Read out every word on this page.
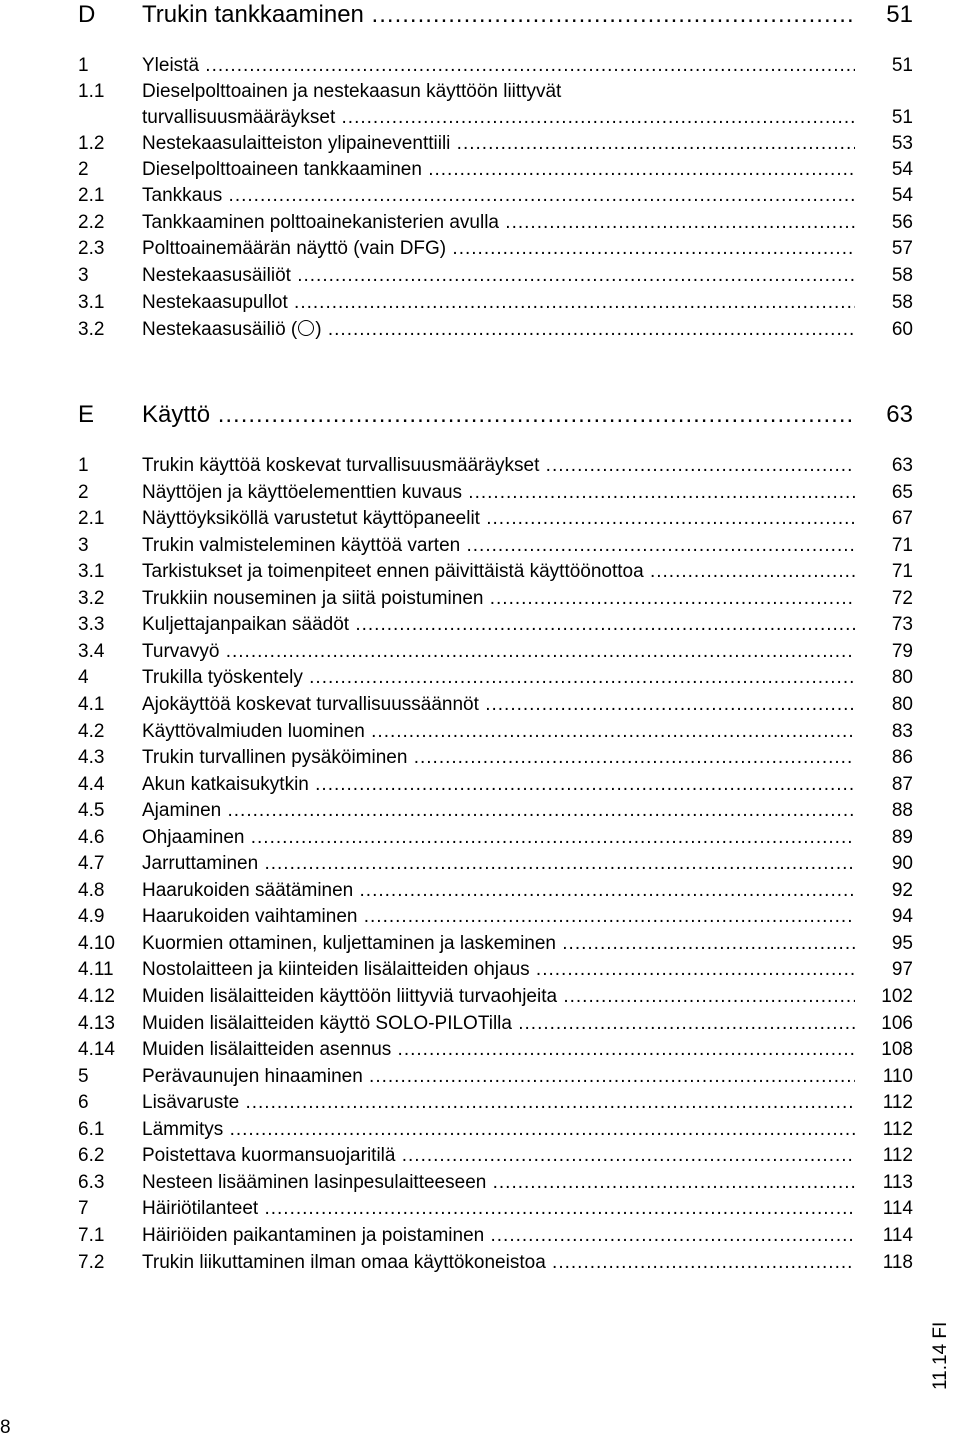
D Trukin tankkaaminen .....	51
1	Yleistä .....	51
1.1 Dieselpolttoainen ja nestekaasun käyttöön liittyvät
turvallisuusmääräykset .....	51
1.2 Nestekaasulaitteiston ylipaineventtiili .....	53
2	Dieselpolttoaineen tankkaaminen .....	54
2.1 Tankkaus .....	54
2.2 Tankkaaminen polttoainekanisterien avulla .....	56
2.3 Polttoainemäärän näyttö (vain DFG) .....	57
3	Nestekaasusäiliöt .....	58
3.1 Nestekaasupullot .....	58
3.2 Nestekaasusäiliö ( ) .....	60
E Käyttö .....	63
1	Trukin käyttöä koskevat turvallisuusmääräykset .....	63
2	Näyttöjen ja käyttöelementtien kuvaus .....	65
2.1 Näyttöyksiköllä varustetut käyttöpaneelit .....	67
3	Trukin valmisteleminen käyttöä varten .....	71
3.1 Tarkistukset ja toimenpiteet ennen päivittäistä käyttöönottoa .....	71
3.2 Trukkiin nouseminen ja siitä poistuminen .....	72
3.3 Kuljettajanpaikan säädöt .....	73
3.4 Turvavyö .....	79
4	Trukilla työskentely .....	80
4.1 Ajokäyttöä koskevat turvallisuussäännöt .....	80
4.2 Käyttövalmiuden luominen .....	83
4.3 Trukin turvallinen pysäköiminen .....	86
4.4 Akun katkaisukytkin .....	87
4.5 Ajaminen .....	88
4.6 Ohjaaminen .....	89
4.7 Jarruttaminen .....	90
4.8 Haarukoiden säätäminen .....	92
4.9 Haarukoiden vaihtaminen .....	94
4.10 Kuormien ottaminen, kuljettaminen ja laskeminen .....	95
4.11 Nostolaitteen ja kiinteiden lisälaitteiden ohjaus .....	97
4.12 Muiden lisälaitteiden käyttöön liittyviä turvaohjeita .....	102
4.13 Muiden lisälaitteiden käyttö SOLO-PILOTilla .....	106
4.14 Muiden lisälaitteiden asennus .....	108
5	Perävaunujen hinaaminen .....	110
6	Lisävaruste .....	112
6.1 Lämmitys .....	112
6.2 Poistettava kuormansuojaritilä .....	112
6.3 Nesteen lisääminen lasinpesulaitteeseen .....	113
7	Häiriötilanteet .....	114
7.1 Häiriöiden paikantaminen ja poistaminen .....	114
7.2 Trukin liikuttaminen ilman omaa käyttökoneistoa .....	118
11.14 FI
8
